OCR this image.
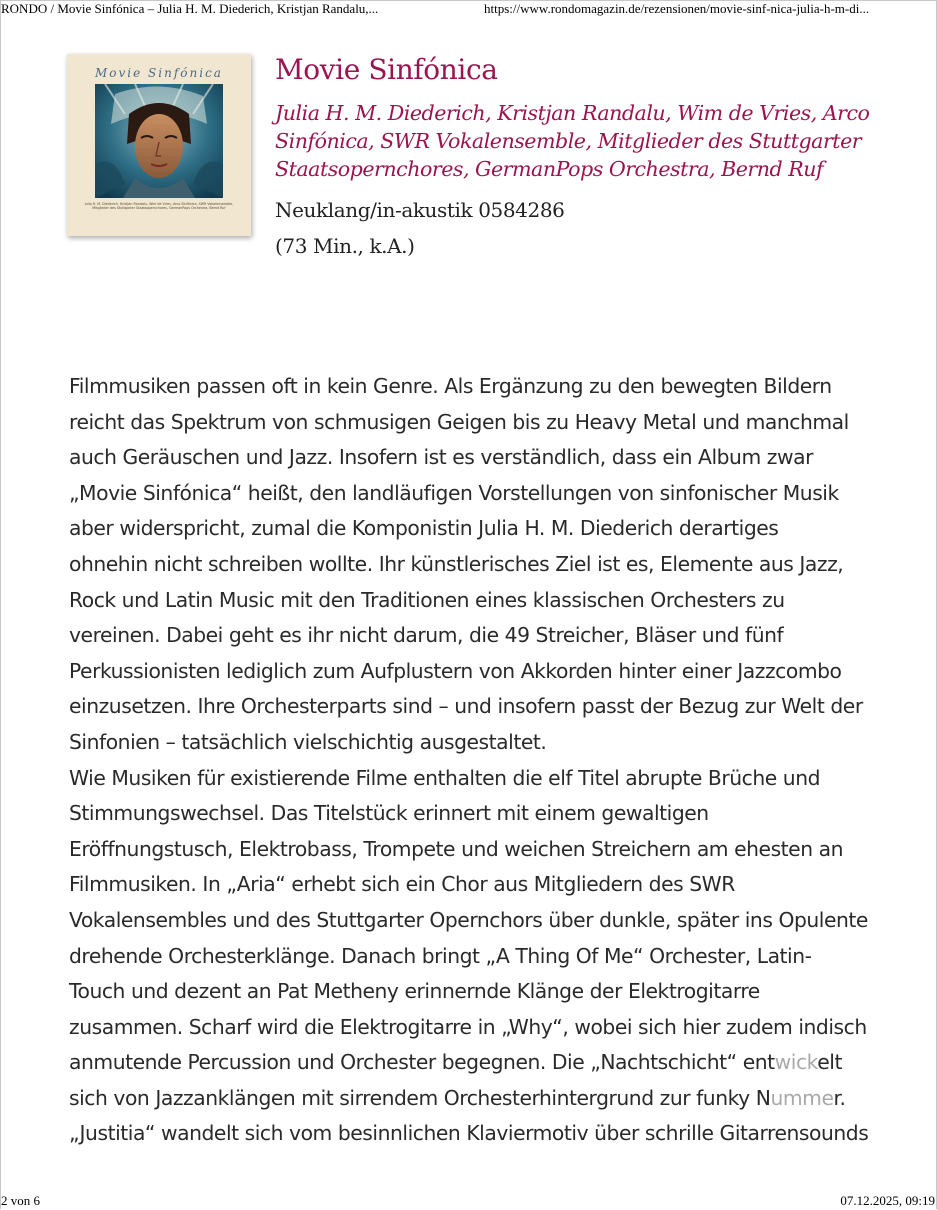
RONDO / Movie Sinfónica – Julia H. M. Diederich, Kristjan Randalu,...	https://www.rondomagazin.de/rezensionen/movie-sinf-nica-julia-h-m-di...
Movie Sinfónica
Julia H. M. Diederich, Kristjan Randalu, Wim de Vries, Arco Sinfónica, SWR Vokalensemble, Mitglieder des Stuttgarter Staatsopernchores, GermanPops Orchestra, Bernd Ruf
Movie Sinfónica
Julia H. M. Diederich, Kristjan Randalu, Wim de Vries, Arco
Sinfónica, SWR Vokalensemble, Mitglieder des Stuttgarter
Staatsopernchores, GermanPops Orchestra, Bernd Ruf
Neuklang/in-akustik 0584286
(73 Min., k.A.)
Filmmusiken passen oft in kein Genre. Als Ergänzung zu den bewegten Bildern
reicht das Spektrum von schmusigen Geigen bis zu Heavy Metal und manchmal
auch Geräuschen und Jazz. Insofern ist es verständlich, dass ein Album zwar
„Movie Sinfónica“ heißt, den landläufigen Vorstellungen von sinfonischer Musik
aber widerspricht, zumal die Komponistin Julia H. M. Diederich derartiges
ohnehin nicht schreiben wollte. Ihr künstlerisches Ziel ist es, Elemente aus Jazz,
Rock und Latin Music mit den Traditionen eines klassischen Orchesters zu
vereinen. Dabei geht es ihr nicht darum, die 49 Streicher, Bläser und fünf
Perkussionisten lediglich zum Aufplustern von Akkorden hinter einer Jazzcombo
einzusetzen. Ihre Orchesterparts sind – und insofern passt der Bezug zur Welt der
Sinfonien – tatsächlich vielschichtig ausgestaltet.
Wie Musiken für existierende Filme enthalten die elf Titel abrupte Brüche und
Stimmungswechsel. Das Titelstück erinnert mit einem gewaltigen
Eröffnungstusch, Elektrobass, Trompete und weichen Streichern am ehesten an
Filmmusiken. In „Aria“ erhebt sich ein Chor aus Mitgliedern des SWR
Vokalensembles und des Stuttgarter Opernchors über dunkle, später ins Opulente
drehende Orchesterklänge. Danach bringt „A Thing Of Me“ Orchester, Latin-
Touch und dezent an Pat Metheny erinnernde Klänge der Elektrogitarre
zusammen. Scharf wird die Elektrogitarre in „Why“, wobei sich hier zudem indisch
anmutende Percussion und Orchester begegnen. Die „Nachtschicht“ entwickelt
sich von Jazzanklängen mit sirrendem Orchesterhintergrund zur funky Nummer.
„Justitia“ wandelt sich vom besinnlichen Klaviermotiv über schrille Gitarrensounds
2 von 6	07.12.2025, 09:19
